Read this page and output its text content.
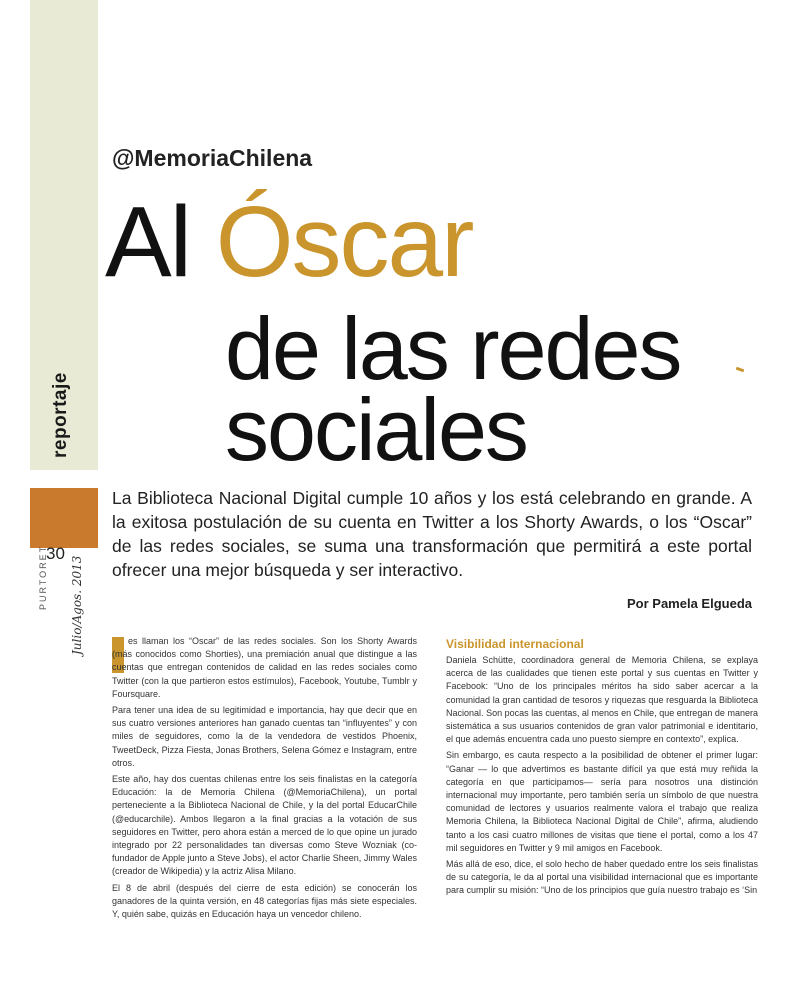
reportaje
30
PURTORET Julio/Agos. 2013
@MemoriaChilena
Al Óscar
de las redes
sociales
La Biblioteca Nacional Digital cumple 10 años y los está celebrando en grande. A la exitosa postulación de su cuenta en Twitter a los Shorty Awards, o los “Oscar” de las redes sociales, se suma una transformación que permitirá a este portal ofrecer una mejor búsqueda y ser interactivo.
Por Pamela Elgueda

es llaman los “Oscar” de las redes sociales. Son los Shorty Awards (más conocidos como Shorties), una premiación anual que distingue a las cuentas que entregan contenidos de calidad en las redes sociales como Twitter (con la que partieron estos estímulos), Facebook, Youtube, Tumblr y Foursquare.

Para tener una idea de su legitimidad e importancia, hay que decir que en sus cuatro versiones anteriores han ganado cuentas tan “influyentes” y con miles de seguidores, como la de la vendedora de vestidos Phoenix, TweetDeck, Pizza Fiesta, Jonas Brothers, Selena Gómez e Instagram, entre otros.

Este año, hay dos cuentas chilenas entre los seis finalistas en la categoría Educación: la de Memoria Chilena (@MemoriaChilena), un portal perteneciente a la Biblioteca Nacional de Chile, y la del portal EducarChile (@educarchile). Ambos llegaron a la final gracias a la votación de sus seguidores en Twitter, pero ahora están a merced de lo que opine un jurado integrado por 22 personalidades tan diversas como Steve Wozniak (co-fundador de Apple junto a Steve Jobs), el actor Charlie Sheen, Jimmy Wales (creador de Wikipedia) y la actriz Alisa Milano.

El 8 de abril (después del cierre de esta edición) se conocerán los ganadores de la quinta versión, en 48 categorías fijas más siete especiales. Y, quién sabe, quizás en Educación haya un vencedor chileno.

Visibilidad internacional

Daniela Schütte, coordinadora general de Memoria Chilena, se explaya acerca de las cualidades que tienen este portal y sus cuentas en Twitter y Facebook: “Uno de los principales méritos ha sido saber acercar a la comunidad la gran cantidad de tesoros y riquezas que resguarda la Biblioteca Nacional. Son pocas las cuentas, al menos en Chile, que entregan de manera sistemática a sus usuarios contenidos de gran valor patrimonial e identitario, el que además encuentra cada uno puesto siempre en contexto”, explica.

Sin embargo, es cauta respecto a la posibilidad de obtener el primer lugar: “Ganar — lo que advertimos es bastante difícil ya que está muy reñida la categoría en que participamos— sería para nosotros una distinción internacional muy importante, pero también sería un símbolo de que nuestra comunidad de lectores y usuarios realmente valora el trabajo que realiza Memoria Chilena, la Biblioteca Nacional Digital de Chile”, afirma, aludiendo tanto a los casi cuatro millones de visitas que tiene el portal, como a los 47 mil seguidores en Twitter y 9 mil amigos en Facebook.

Más allá de eso, dice, el solo hecho de haber quedado entre los seis finalistas de su categoría, le da al portal una visibilidad internacional que es importante para cumplir su misión: “Uno de los principios que guía nuestro trabajo es ‘Sin
